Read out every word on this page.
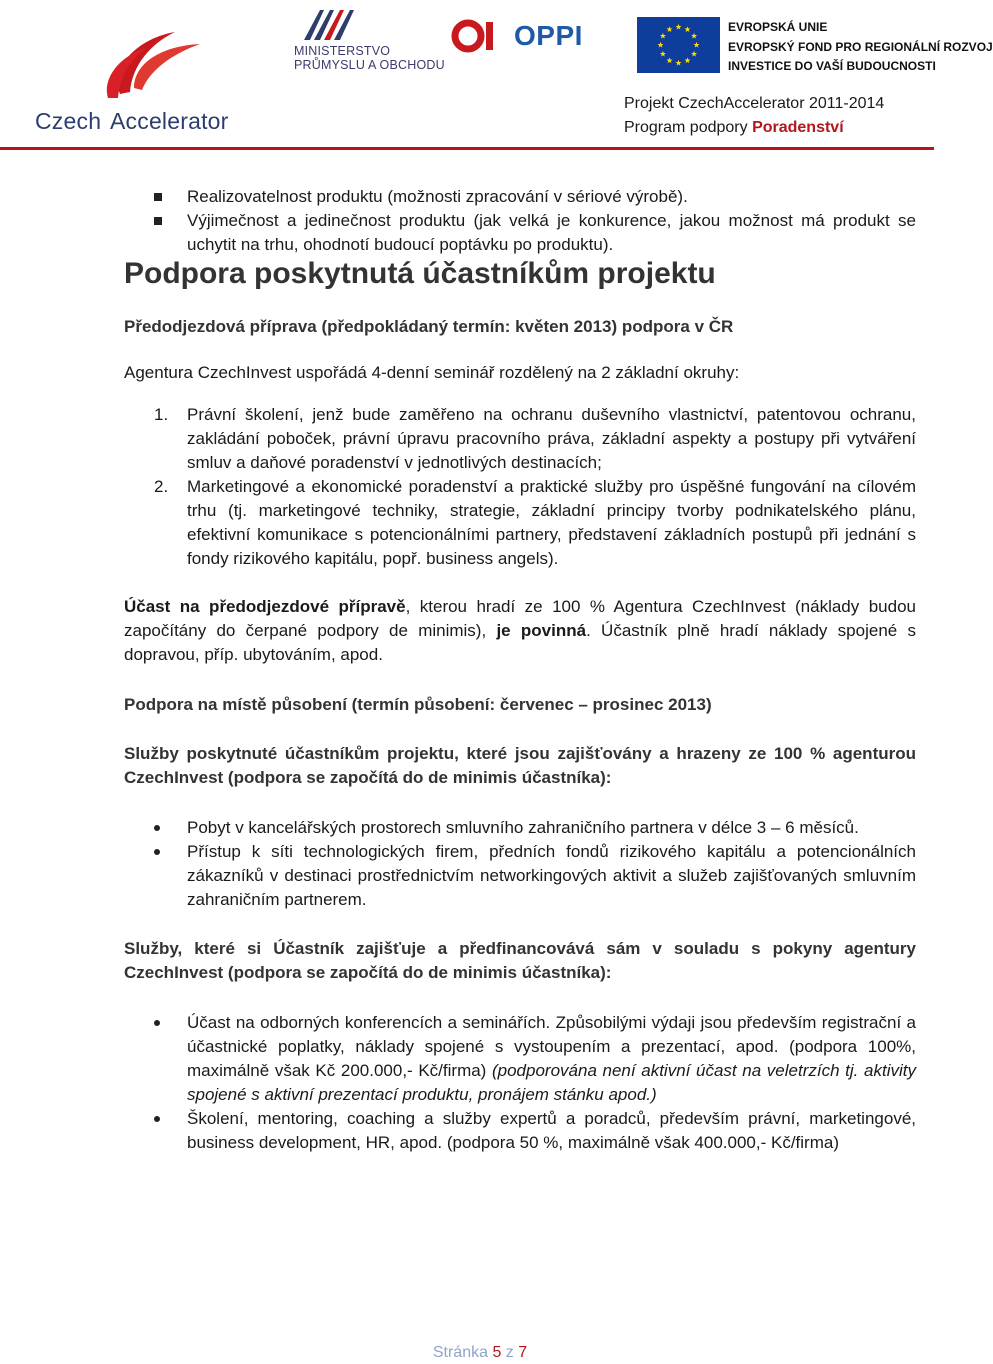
Czech Accelerator
MINISTERSTVO
PRŮMYSLU A OBCHODU
OPPI	EVROPSKÁ UNIE
EVROPSKÝ FOND PRO REGIONÁLNÍ ROZVOJ
INVESTICE DO VAŠÍ BUDOUCNOSTI
Projekt CzechAccelerator 2011-2014
Program podpory Poradenství
Realizovatelnost produktu (možnosti zpracování v sériové výrobě).
Výjimečnost a jedinečnost produktu (jak velká je konkurence, jakou možnost má produkt se uchytit na trhu, ohodnotí budoucí poptávku po produktu).

Podpora poskytnutá účastníkům projektu

Předodjezdová příprava (předpokládaný termín: květen 2013) podpora v ČR

Agentura CzechInvest uspořádá 4-denní seminář rozdělený na 2 základní okruhy:

1. Právní školení, jenž bude zaměřeno na ochranu duševního vlastnictví, patentovou ochranu, zakládání poboček, právní úpravu pracovního práva, základní aspekty a postupy při vytváření smluv a daňové poradenství v jednotlivých destinacích;
2. Marketingové a ekonomické poradenství a praktické služby pro úspěšné fungování na cílovém trhu (tj. marketingové techniky, strategie, základní principy tvorby podnikatelského plánu, efektivní komunikace s potencionálními partnery, představení základních postupů při jednání s fondy rizikového kapitálu, popř. business angels).

Účast na předodjezdové přípravě, kterou hradí ze 100 % Agentura CzechInvest (náklady budou započítány do čerpané podpory de minimis), je povinná. Účastník plně hradí náklady spojené s dopravou, příp. ubytováním, apod.

Podpora na místě působení (termín působení: červenec – prosinec 2013)

Služby poskytnuté účastníkům projektu, které jsou zajišťovány a hrazeny ze 100 % agenturou CzechInvest (podpora se započítá do de minimis účastníka):

Pobyt v kancelářských prostorech smluvního zahraničního partnera v délce 3 – 6 měsíců.
Přístup k síti technologických firem, předních fondů rizikového kapitálu a potencionálních zákazníků v destinaci prostřednictvím networkingových aktivit a služeb zajišťovaných smluvním zahraničním partnerem.

Služby, které si Účastník zajišťuje a předfinancovává sám v souladu s pokyny agentury CzechInvest (podpora se započítá do de minimis účastníka):

Účast na odborných konferencích a seminářích. Způsobilými výdaji jsou především registrační a účastnické poplatky, náklady spojené s vystoupením a prezentací, apod. (podpora 100%, maximálně však Kč 200.000,- Kč/firma) (podporována není aktivní účast na veletrzích tj. aktivity spojené s aktivní prezentací produktu, pronájem stánku apod.)
Školení, mentoring, coaching a služby expertů a poradců, především právní, marketingové, business development, HR, apod. (podpora 50 %, maximálně však 400.000,- Kč/firma)
Stránka 5 z 7
